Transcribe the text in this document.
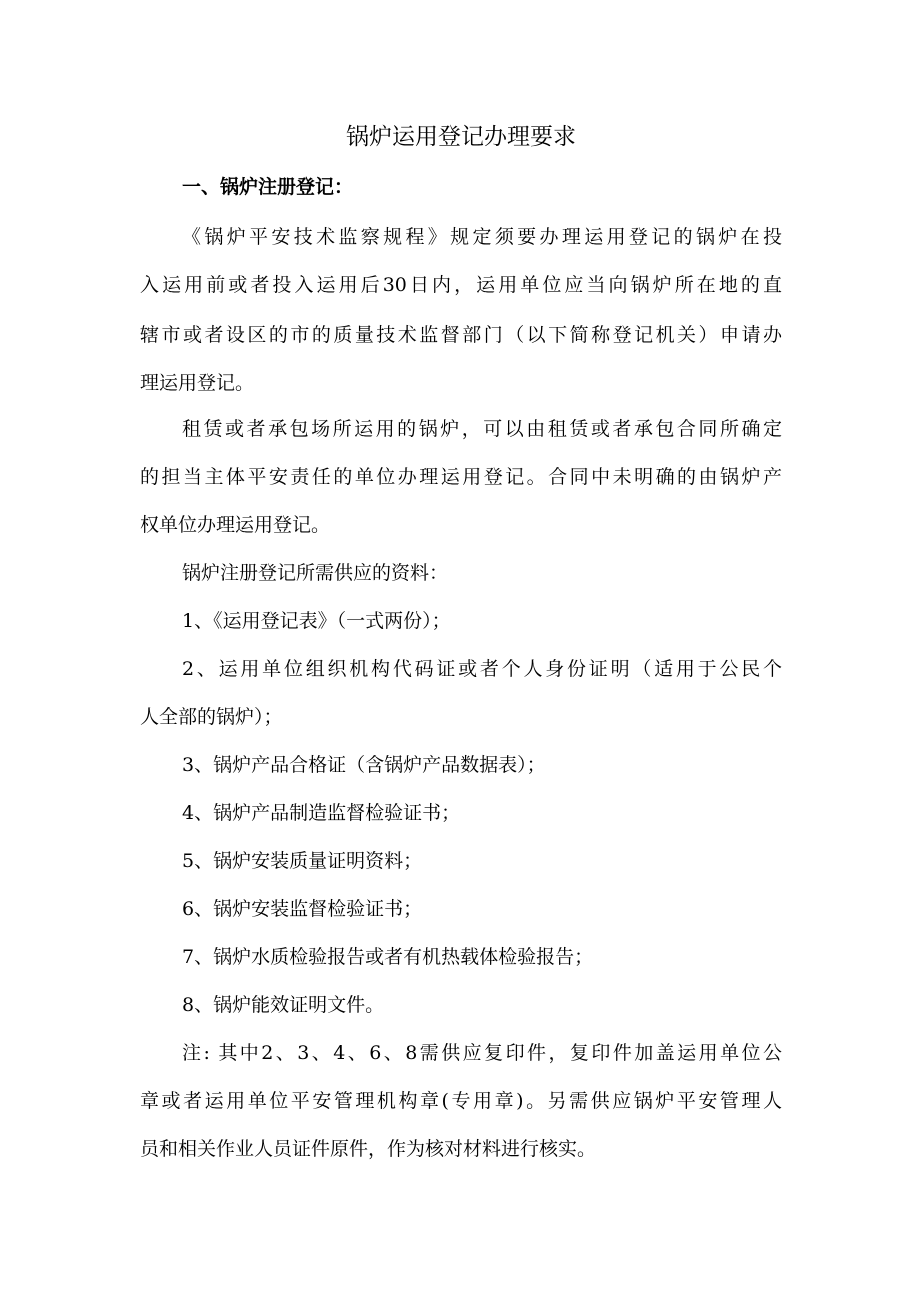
锅炉运用登记办理要求
一、锅炉注册登记：
《锅炉平安技术监察规程》规定须要办理运用登记的锅炉在投
入运用前或者投入运用后30日内，运用单位应当向锅炉所在地的直
辖市或者设区的市的质量技术监督部门（以下简称登记机关）申请办
理运用登记。
租赁或者承包场所运用的锅炉，可以由租赁或者承包合同所确定
的担当主体平安责任的单位办理运用登记。合同中未明确的由锅炉产
权单位办理运用登记。
锅炉注册登记所需供应的资料：
1、《运用登记表》（一式两份）；
2、运用单位组织机构代码证或者个人身份证明（适用于公民个
人全部的锅炉）；
3、锅炉产品合格证（含锅炉产品数据表）；
4、锅炉产品制造监督检验证书；
5、锅炉安装质量证明资料；
6、锅炉安装监督检验证书；
7、锅炉水质检验报告或者有机热载体检验报告；
8、锅炉能效证明文件。
注: 其中2、3、4、6、8需供应复印件，复印件加盖运用单位公
章或者运用单位平安管理机构章(专用章)。另需供应锅炉平安管理人
员和相关作业人员证件原件，作为核对材料进行核实。
